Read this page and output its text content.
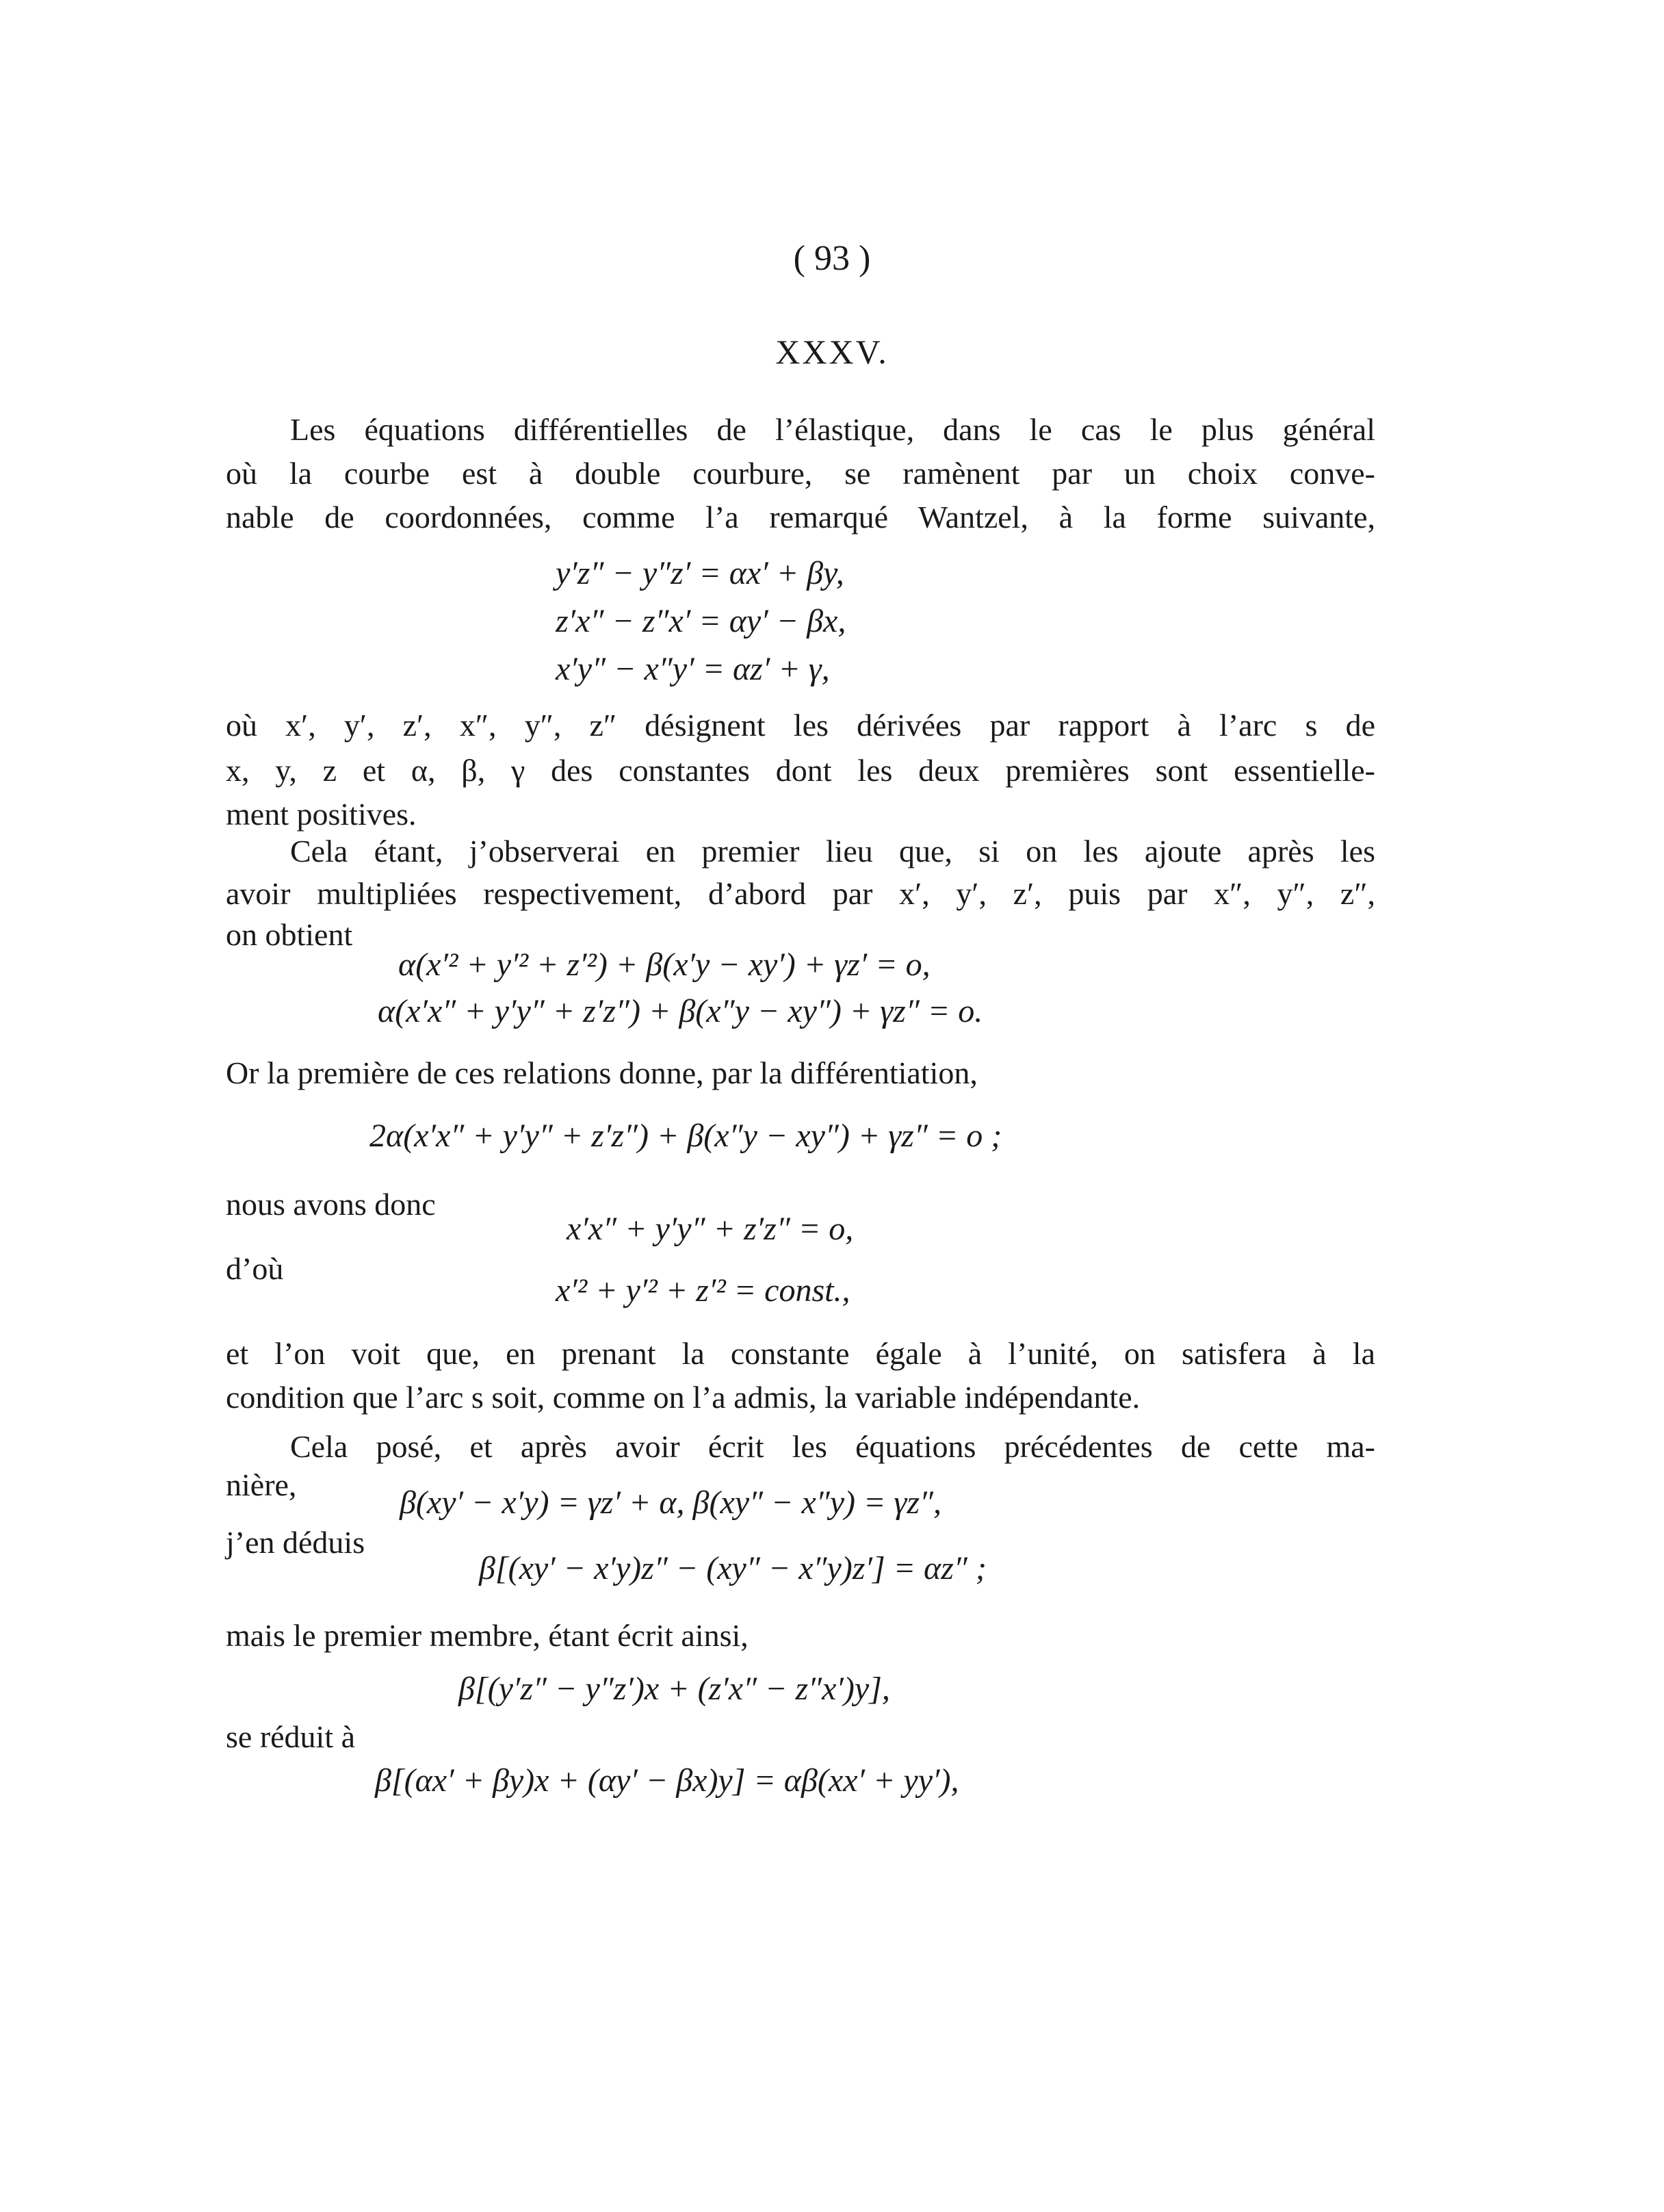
( 93 )
XXXV.
Les équations différentielles de l’élastique, dans le cas le plus général
où la courbe est à double courbure, se ramènent par un choix conve-
nable de coordonnées, comme l’a remarqué Wantzel, à la forme suivante,
y′z″ − y″z′ = αx′ + βy,
z′x″ − z″x′ = αy′ − βx,
x′y″ − x″y′ = αz′ + γ,
où x′, y′, z′, x″, y″, z″ désignent les dérivées par rapport à l’arc s de
x, y, z et α, β, γ des constantes dont les deux premières sont essentielle-
ment positives.
Cela étant, j’observerai en premier lieu que, si on les ajoute après les
avoir multipliées respectivement, d’abord par x′, y′, z′, puis par x″, y″, z″,
on obtient
α(x′² + y′² + z′²) + β(x′y − xy′) + γz′ = o,
α(x′x″ + y′y″ + z′z″) + β(x″y − xy″) + γz″ = o.
Or la première de ces relations donne, par la différentiation,
2α(x′x″ + y′y″ + z′z″) + β(x″y − xy″) + γz″ = o ;
nous avons donc
x′x″ + y′y″ + z′z″ = o,
d’où
x′² + y′² + z′² = const.,
et l’on voit que, en prenant la constante égale à l’unité, on satisfera à la
condition que l’arc s soit, comme on l’a admis, la variable indépendante.
Cela posé, et après avoir écrit les équations précédentes de cette ma-
nière,	β(xy′ − x′y) = γz′ + α, β(xy″ − x″y) = γz″,
j’en déduis
β[(xy′ − x′y)z″ − (xy″ − x″y)z′] = αz″ ;
mais le premier membre, étant écrit ainsi,
β[(y′z″ − y″z′)x + (z′x″ − z″x′)y],
se réduit à
β[(αx′ + βy)x + (αy′ − βx)y] = αβ(xx′ + yy′),
